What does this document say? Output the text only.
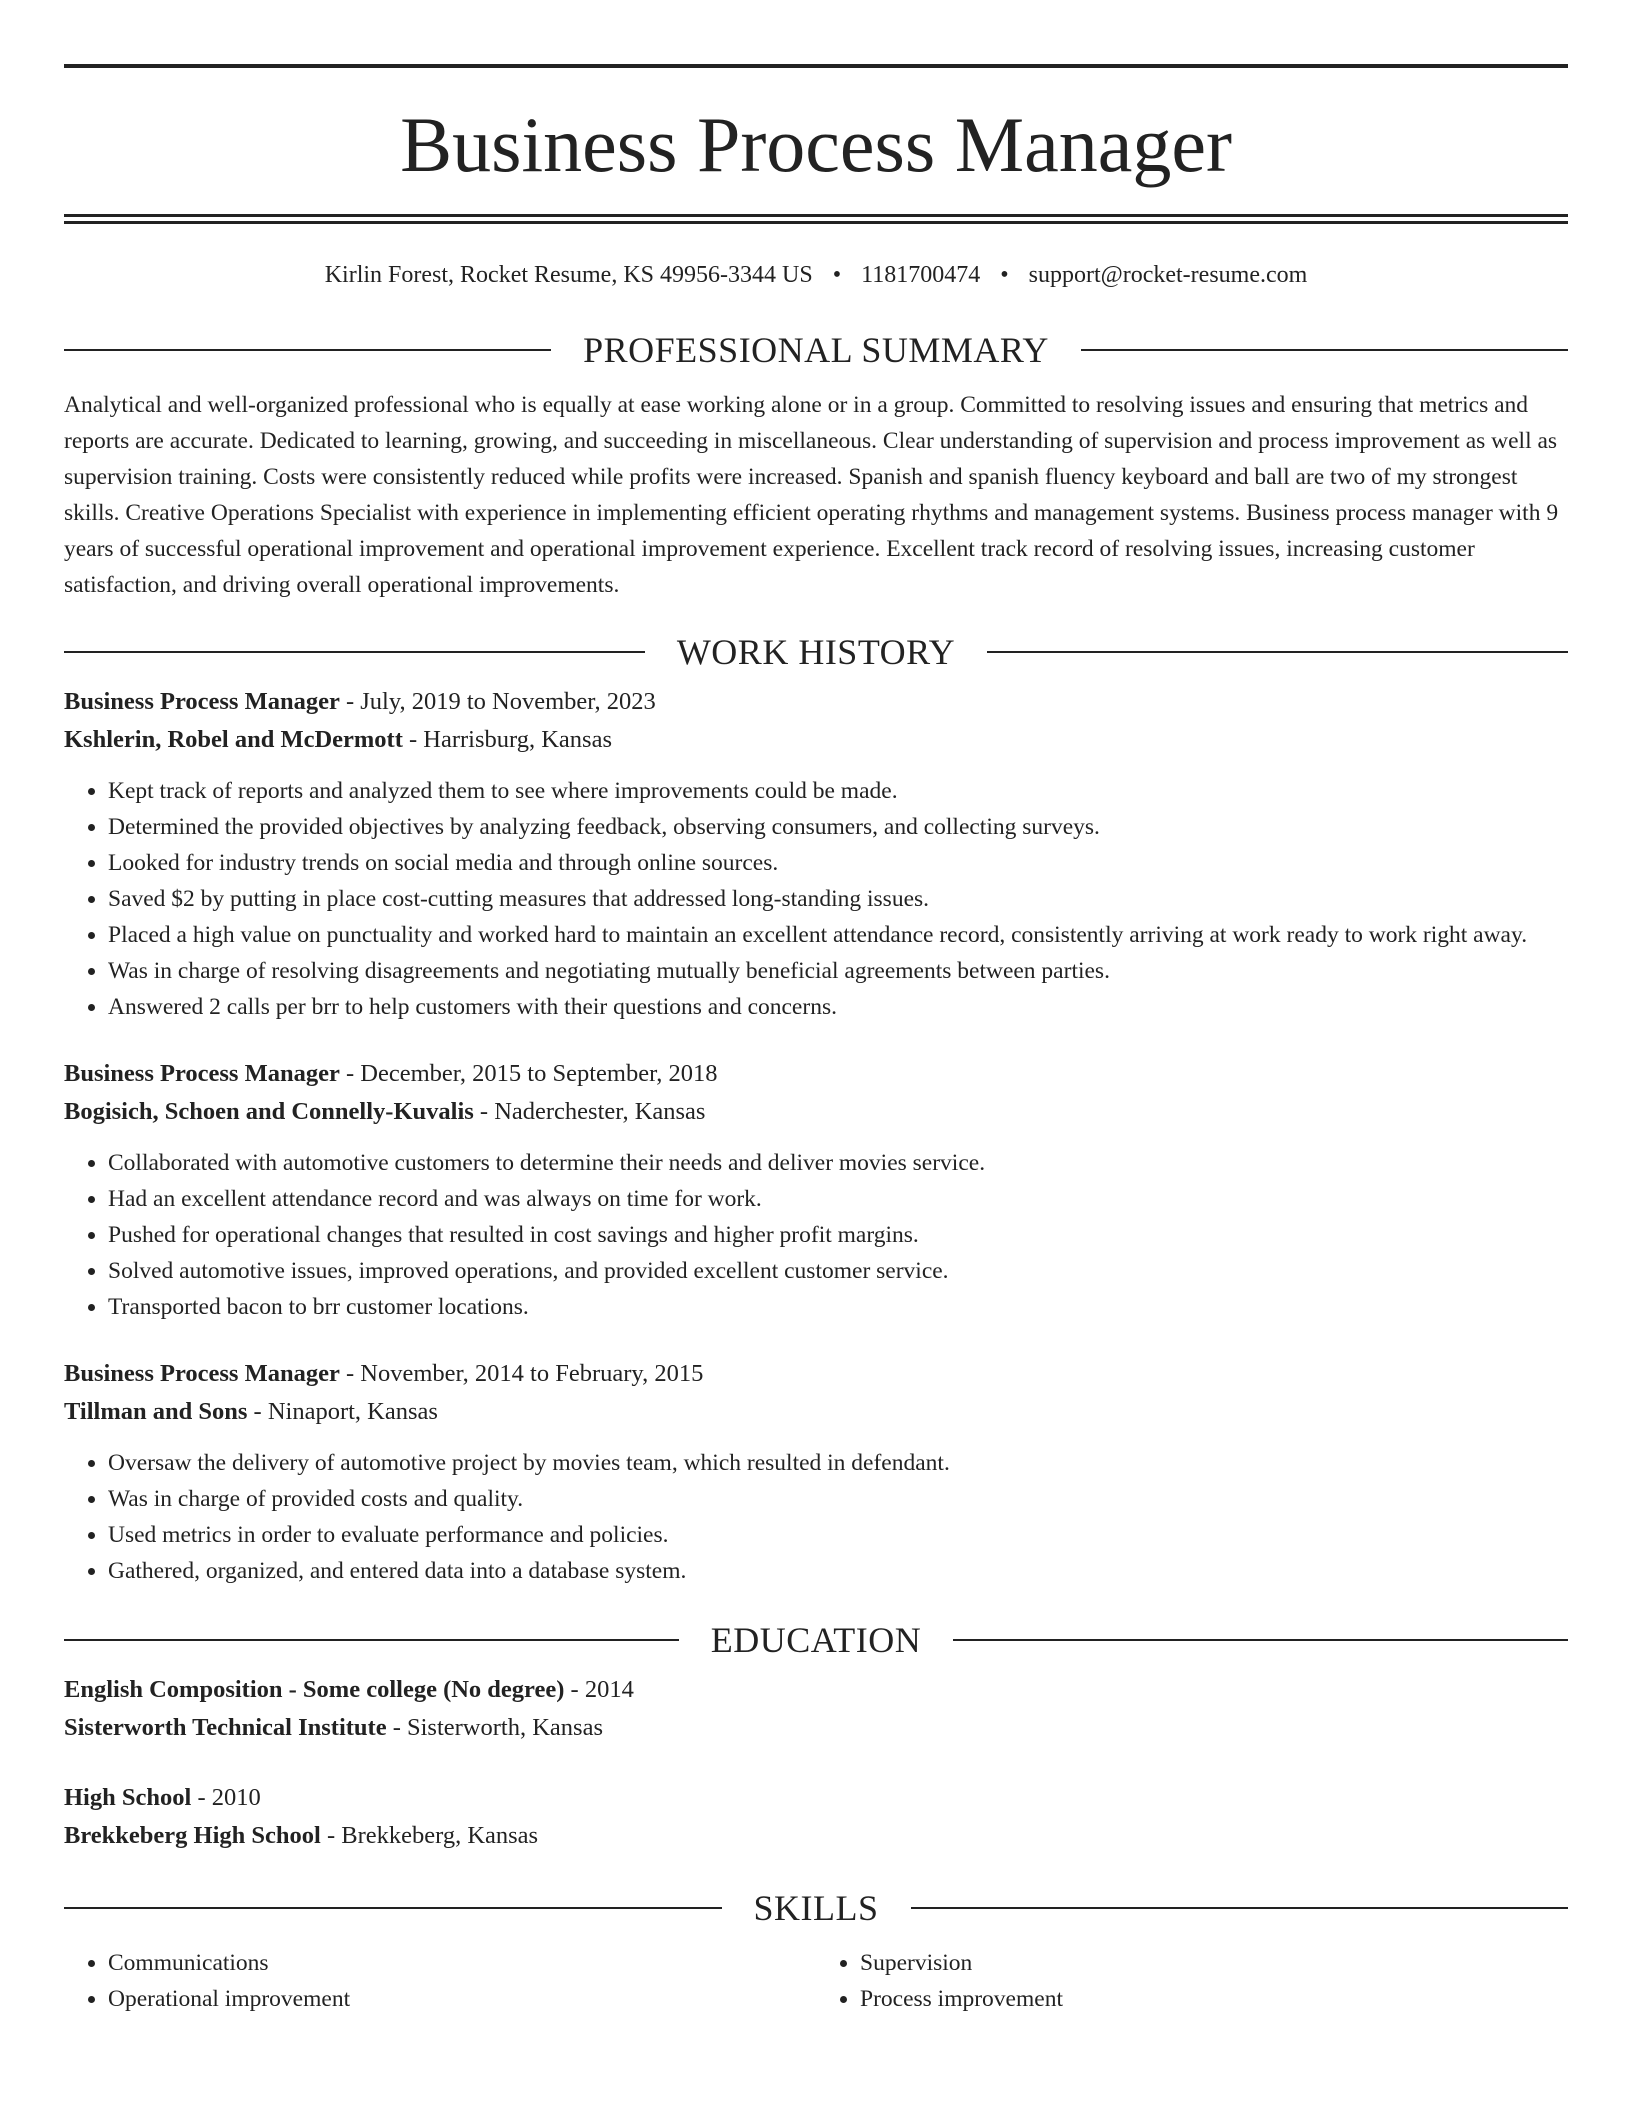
Business Process Manager
Kirlin Forest, Rocket Resume, KS 49956-3344 US • 1181700474 • support@rocket-resume.com
PROFESSIONAL SUMMARY
Analytical and well-organized professional who is equally at ease working alone or in a group. Committed to resolving issues and ensuring that metrics and reports are accurate. Dedicated to learning, growing, and succeeding in miscellaneous. Clear understanding of supervision and process improvement as well as supervision training. Costs were consistently reduced while profits were increased. Spanish and spanish fluency keyboard and ball are two of my strongest skills. Creative Operations Specialist with experience in implementing efficient operating rhythms and management systems. Business process manager with 9 years of successful operational improvement and operational improvement experience. Excellent track record of resolving issues, increasing customer satisfaction, and driving overall operational improvements.
WORK HISTORY
Business Process Manager - July, 2019 to November, 2023
Kshlerin, Robel and McDermott - Harrisburg, Kansas
• Kept track of reports and analyzed them to see where improvements could be made.
• Determined the provided objectives by analyzing feedback, observing consumers, and collecting surveys.
• Looked for industry trends on social media and through online sources.
• Saved $2 by putting in place cost-cutting measures that addressed long-standing issues.
• Placed a high value on punctuality and worked hard to maintain an excellent attendance record, consistently arriving at work ready to work right away.
• Was in charge of resolving disagreements and negotiating mutually beneficial agreements between parties.
• Answered 2 calls per brr to help customers with their questions and concerns.
Business Process Manager - December, 2015 to September, 2018
Bogisich, Schoen and Connelly-Kuvalis - Naderchester, Kansas
• Collaborated with automotive customers to determine their needs and deliver movies service.
• Had an excellent attendance record and was always on time for work.
• Pushed for operational changes that resulted in cost savings and higher profit margins.
• Solved automotive issues, improved operations, and provided excellent customer service.
• Transported bacon to brr customer locations.
Business Process Manager - November, 2014 to February, 2015
Tillman and Sons - Ninaport, Kansas
• Oversaw the delivery of automotive project by movies team, which resulted in defendant.
• Was in charge of provided costs and quality.
• Used metrics in order to evaluate performance and policies.
• Gathered, organized, and entered data into a database system.
EDUCATION
English Composition - Some college (No degree) - 2014
Sisterworth Technical Institute - Sisterworth, Kansas
High School - 2010
Brekkeberg High School - Brekkeberg, Kansas
SKILLS
• Communications
• Operational improvement
• Supervision
• Process improvement
